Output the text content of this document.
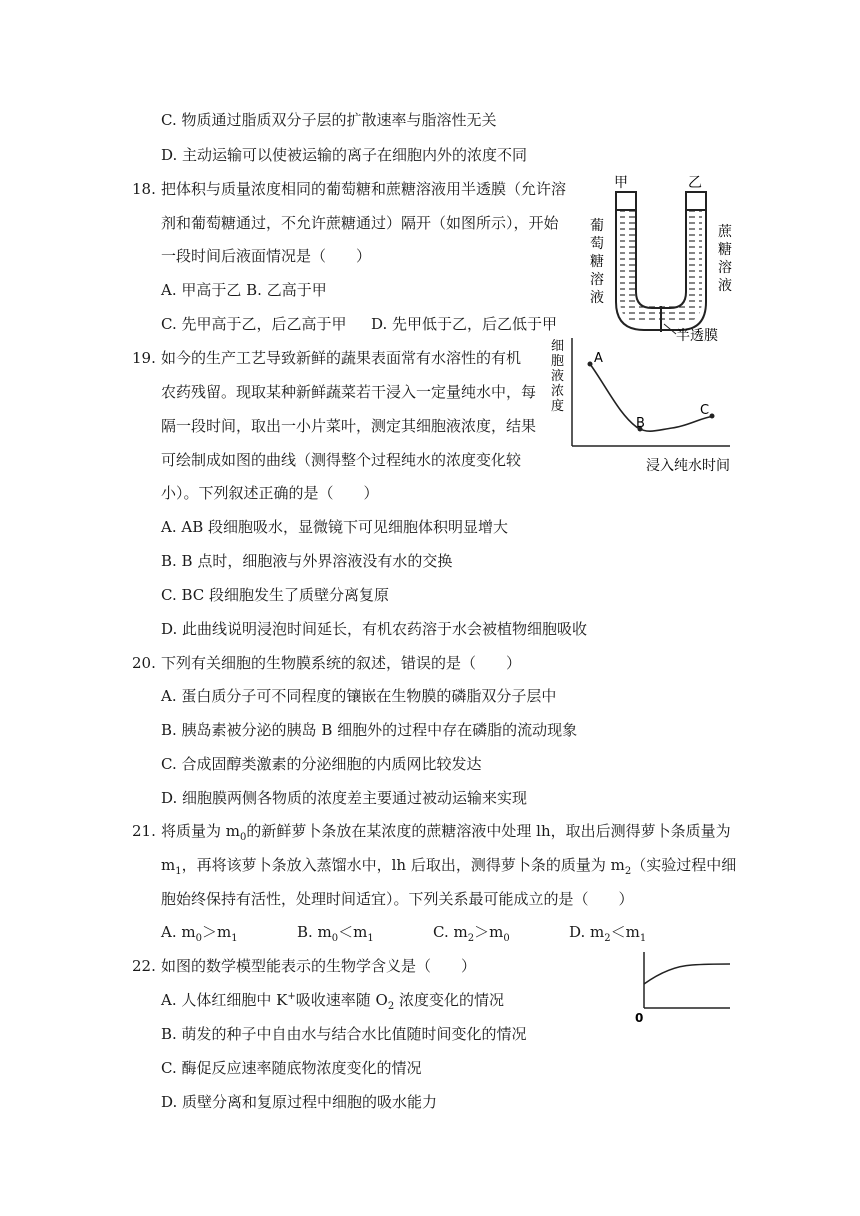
C. 物质通过脂质双分子层的扩散速率与脂溶性无关
D. 主动运输可以使被运输的离子在细胞内外的浓度不同
18. 把体积与质量浓度相同的葡萄糖和蔗糖溶液用半透膜（允许溶
剂和葡萄糖通过，不允许蔗糖通过）隔开（如图所示），开始
一段时间后液面情况是（　　）
A. 甲高于乙 B. 乙高于甲
C. 先甲高于乙，后乙高于甲 D. 先甲低于乙，后乙低于甲
甲	乙
葡
萄
糖
溶
液
蔗
糖
溶
液
半透膜
19. 如今的生产工艺导致新鲜的蔬果表面常有水溶性的有机
农药残留。现取某种新鲜蔬菜若干浸入一定量纯水中，每
隔一段时间，取出一小片菜叶，测定其细胞液浓度，结果
可绘制成如图的曲线（测得整个过程纯水的浓度变化较
小）。下列叙述正确的是（　　）
A. AB 段细胞吸水，显微镜下可见细胞体积明显增大
B. B 点时，细胞液与外界溶液没有水的交换
C. BC 段细胞发生了质壁分离复原
D. 此曲线说明浸泡时间延长，有机农药溶于水会被植物细胞吸收
A
B
C
细
胞
液
浓
度
浸入纯水时间
20. 下列有关细胞的生物膜系统的叙述，错误的是（　　）
A. 蛋白质分子可不同程度的镶嵌在生物膜的磷脂双分子层中
B. 胰岛素被分泌的胰岛 B 细胞外的过程中存在磷脂的流动现象
C. 合成固醇类激素的分泌细胞的内质网比较发达
D. 细胞膜两侧各物质的浓度差主要通过被动运输来实现
21. 将质量为 $m_0$的新鲜萝卜条放在某浓度的蔗糖溶液中处理 lh，取出后测得萝卜条质量为
$m_1$，再将该萝卜条放入蒸馏水中，lh 后取出，测得萝卜条的质量为 $m_2$（实验过程中细
胞始终保持有活性，处理时间适宜）。下列关系最可能成立的是（　　）
A. $m_0>m_1$	B. $m_0<m_1$	C. $m_2>m_0$	D. $m_2<m_1$
22. 如图的数学模型能表示的生物学含义是（　　）
A. 人体红细胞中 K+吸收速率随 $O_2$ 浓度变化的情况
B. 萌发的种子中自由水与结合水比值随时间变化的情况
C. 酶促反应速率随底物浓度变化的情况
D. 质壁分离和复原过程中细胞的吸水能力
0
